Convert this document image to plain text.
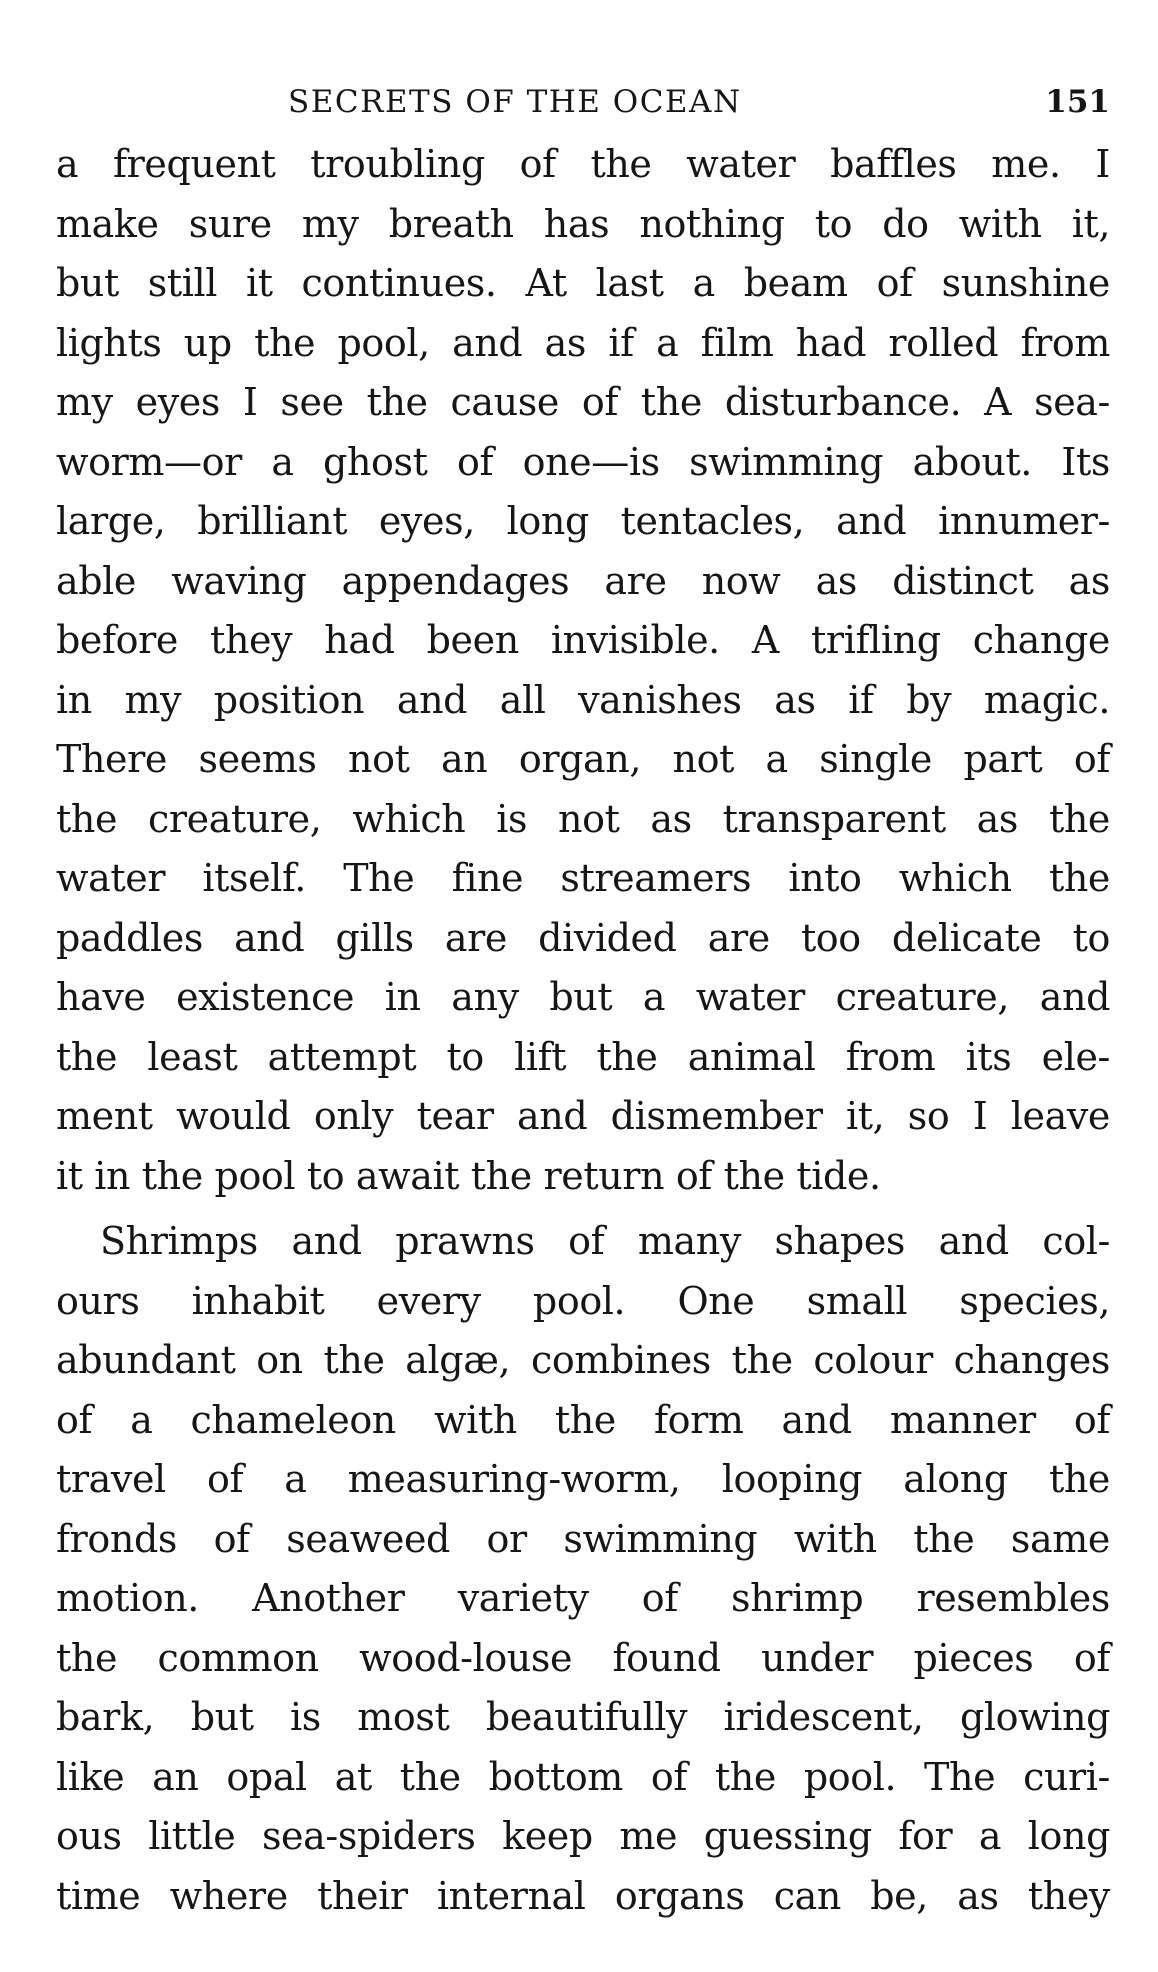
SECRETS OF THE OCEAN	151
a frequent troubling of the water baffles me. I
make sure my breath has nothing to do with it,
but still it continues. At last a beam of sunshine
lights up the pool, and as if a film had rolled from
my eyes I see the cause of the disturbance. A sea-
worm—or a ghost of one—is swimming about. Its
large, brilliant eyes, long tentacles, and innumer-
able waving appendages are now as distinct as
before they had been invisible. A trifling change
in my position and all vanishes as if by magic.
There seems not an organ, not a single part of
the creature, which is not as transparent as the
water itself. The fine streamers into which the
paddles and gills are divided are too delicate to
have existence in any but a water creature, and
the least attempt to lift the animal from its ele-
ment would only tear and dismember it, so I leave
it in the pool to await the return of the tide.
Shrimps and prawns of many shapes and col-
ours inhabit every pool. One small species,
abundant on the algæ, combines the colour changes
of a chameleon with the form and manner of
travel of a measuring-worm, looping along the
fronds of seaweed or swimming with the same
motion. Another variety of shrimp resembles
the common wood-louse found under pieces of
bark, but is most beautifully iridescent, glowing
like an opal at the bottom of the pool. The curi-
ous little sea-spiders keep me guessing for a long
time where their internal organs can be, as they
